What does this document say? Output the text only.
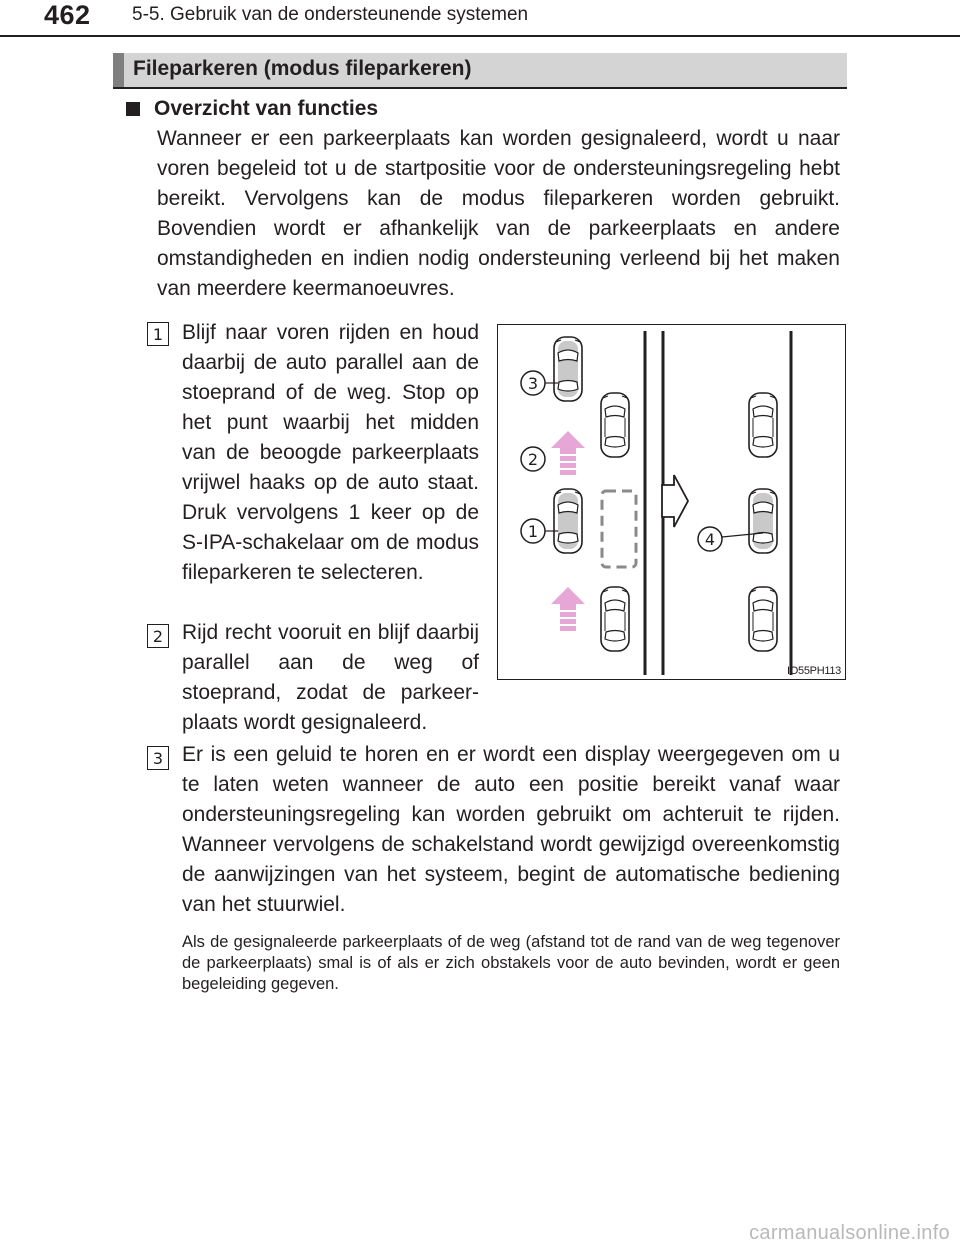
462 5-5. Gebruik van de ondersteunende systemen
Fileparkeren (modus fileparkeren)
Overzicht van functies
Wanneer er een parkeerplaats kan worden gesignaleerd, wordt u naar voren begeleid tot u de startpositie voor de ondersteuningsregeling hebt bereikt. Vervolgens kan de modus fileparkeren worden gebruikt. Bovendien wordt er afhankelijk van de parkeerplaats en andere omstandigheden en indien nodig ondersteuning verleend bij het maken van meerdere keermanoeuvres.
1 Blijf naar voren rijden en houd daarbij de auto parallel aan de stoeprand of de weg. Stop op het punt waarbij het midden van de beoogde parkeerplaats vrijwel haaks op de auto staat. Druk vervolgens 1 keer op de S-IPA-schakelaar om de modus fileparkeren te selecteren.
2 Rijd recht vooruit en blijf daarbij parallel aan de weg of stoeprand, zodat de parkeerplaats wordt gesignaleerd.
3 Er is een geluid te horen en er wordt een display weergegeven om u te laten weten wanneer de auto een positie bereikt vanaf waar ondersteuningsregeling kan worden gebruikt om achteruit te rijden. Wanneer vervolgens de schakelstand wordt gewijzigd overeenkomstig de aanwijzingen van het systeem, begint de automatische bediening van het stuurwiel.
Als de gesignaleerde parkeerplaats of de weg (afstand tot de rand van de weg tegenover de parkeerplaats) smal is of als er zich obstakels voor de auto bevinden, wordt er geen begeleiding gegeven.
3
2
1	4
IO55PH113
carmanualsonline.info
